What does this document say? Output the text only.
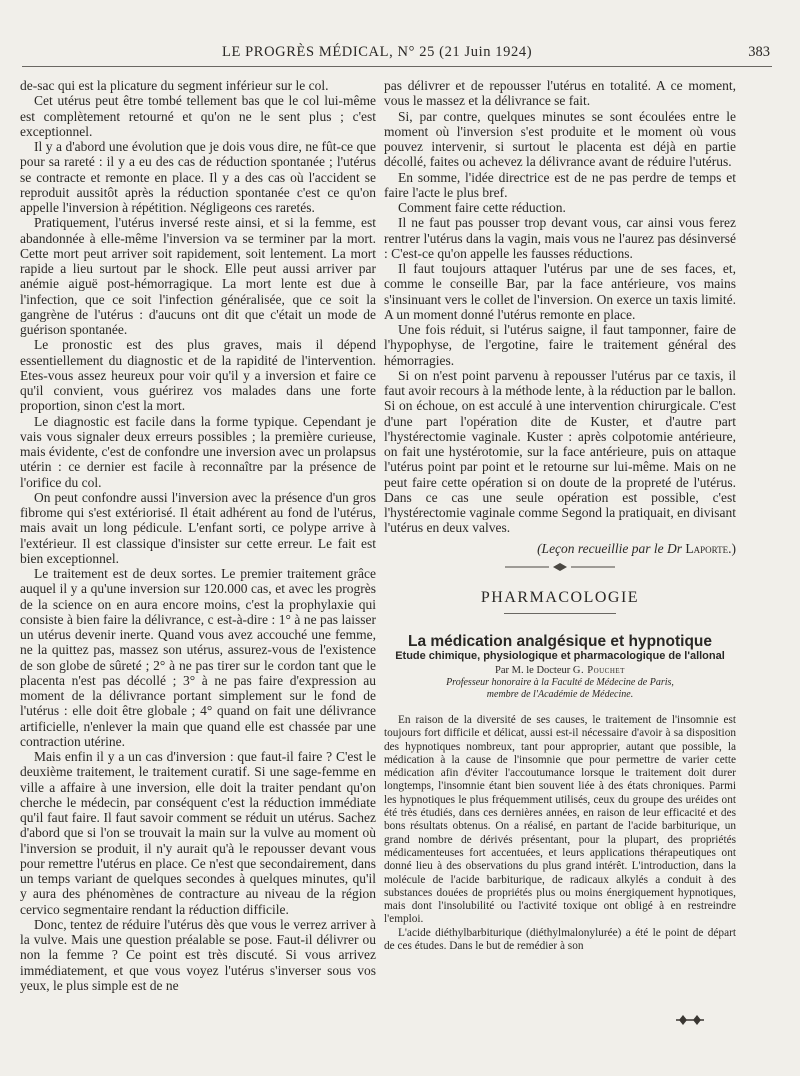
LE PROGRÈS MÉDICAL, N° 25 (21 Juin 1924)	383

de-sac qui est la plicature du segment inférieur sur le col.

Cet utérus peut être tombé tellement bas que le col lui-même est complètement retourné et qu'on ne le sent plus ; c'est exceptionnel.

Il y a d'abord une évolution que je dois vous dire, ne fût-ce que pour sa rareté : il y a eu des cas de réduction spontanée ; l'utérus se contracte et remonte en place. Il y a des cas où l'accident se reproduit aussitôt après la réduction spontanée c'est ce qu'on appelle l'inversion à répétition. Négligeons ces raretés.

Pratiquement, l'utérus inversé reste ainsi, et si la femme, est abandonnée à elle-même l'inversion va se terminer par la mort. Cette mort peut arriver soit rapidement, soit lentement. La mort rapide a lieu surtout par le shock. Elle peut aussi arriver par anémie aiguë post-hémorragique. La mort lente est due à l'infection, que ce soit l'infection généralisée, que ce soit la gangrène de l'utérus : d'aucuns ont dit que c'était un mode de guérison spontanée.

Le pronostic est des plus graves, mais il dépend essentiellement du diagnostic et de la rapidité de l'intervention. Etes-vous assez heureux pour voir qu'il y a inversion et faire ce qu'il convient, vous guérirez vos malades dans une forte proportion, sinon c'est la mort.

Le diagnostic est facile dans la forme typique. Cependant je vais vous signaler deux erreurs possibles ; la première curieuse, mais évidente, c'est de confondre une inversion avec un prolapsus utérin : ce dernier est facile à reconnaître par la présence de l'orifice du col.

On peut confondre aussi l'inversion avec la présence d'un gros fibrome qui s'est extériorisé. Il était adhérent au fond de l'utérus, mais avait un long pédicule. L'enfant sorti, ce polype arrive à l'extérieur. Il est classique d'insister sur cette erreur. Le fait est bien exceptionnel.

Le traitement est de deux sortes. Le premier traitement grâce auquel il y a qu'une inversion sur 120.000 cas, et avec les progrès de la science on en aura encore moins, c'est la prophylaxie qui consiste à bien faire la délivrance, c est-à-dire : 1° à ne pas laisser un utérus devenir inerte. Quand vous avez accouché une femme, ne la quittez pas, massez son utérus, assurez-vous de l'existence de son globe de sûreté ; 2° à ne pas tirer sur le cordon tant que le placenta n'est pas décollé ; 3° à ne pas faire d'expression au moment de la délivrance portant simplement sur le fond de l'utérus : elle doit être globale ; 4° quand on fait une délivrance artificielle, n'enlever la main que quand elle est chassée par une contraction utérine.

Mais enfin il y a un cas d'inversion : que faut-il faire ? C'est le deuxième traitement, le traitement curatif. Si une sage-femme en ville a affaire à une inversion, elle doit la traiter pendant qu'on cherche le médecin, par conséquent c'est la réduction immédiate qu'il faut faire. Il faut savoir comment se réduit un utérus. Sachez d'abord que si l'on se trouvait la main sur la vulve au moment où l'inversion se produit, il n'y aurait qu'à le repousser devant vous pour remettre l'utérus en place. Ce n'est que secondairement, dans un temps variant de quelques secondes à quelques minutes, qu'il y aura des phénomènes de contracture au niveau de la région cervico segmentaire rendant la réduction difficile.

Donc, tentez de réduire l'utérus dès que vous le verrez arriver à la vulve. Mais une question préalable se pose. Faut-il délivrer ou non la femme ? Ce point est très discuté. Si vous arrivez immédiatement, et que vous voyez l'utérus s'inverser sous vos yeux, le plus simple est de ne

pas délivrer et de repousser l'utérus en totalité. A ce moment, vous le massez et la délivrance se fait.

Si, par contre, quelques minutes se sont écoulées entre le moment où l'inversion s'est produite et le moment où vous pouvez intervenir, si surtout le placenta est déjà en partie décollé, faites ou achevez la délivrance avant de réduire l'utérus.

En somme, l'idée directrice est de ne pas perdre de temps et faire l'acte le plus bref.

Comment faire cette réduction.

Il ne faut pas pousser trop devant vous, car ainsi vous ferez rentrer l'utérus dans la vagin, mais vous ne l'aurez pas désinversé : C'est-ce qu'on appelle les fausses réductions.

Il faut toujours attaquer l'utérus par une de ses faces, et, comme le conseille Bar, par la face antérieure, vos mains s'insinuant vers le collet de l'inversion. On exerce un taxis limité. A un moment donné l'utérus remonte en place.

Une fois réduit, si l'utérus saigne, il faut tamponner, faire de l'hypophyse, de l'ergotine, faire le traitement général des hémorragies.

Si on n'est point parvenu à repousser l'utérus par ce taxis, il faut avoir recours à la méthode lente, à la réduction par le ballon. Si on échoue, on est acculé à une intervention chirurgicale. C'est d'une part l'opération dite de Kuster, et d'autre part l'hystérectomie vaginale. Kuster : après colpotomie antérieure, on fait une hystérotomie, sur la face antérieure, puis on attaque l'utérus point par point et le retourne sur lui-même. Mais on ne peut faire cette opération si on doute de la propreté de l'utérus. Dans ce cas une seule opération est possible, c'est l'hystérectomie vaginale comme Segond la pratiquait, en divisant l'utérus en deux valves.

(Leçon recueillie par le Dr Laporte.)

PHARMACOLOGIE

La médication analgésique et hypnotique

Etude chimique, physiologique et pharmacologique de l'allonal

Par M. le Docteur G. Pouchet

Professeur honoraire à la Faculté de Médecine de Paris,

membre de l'Académie de Médecine.

En raison de la diversité de ses causes, le traitement de l'insomnie est toujours fort difficile et délicat, aussi est-il nécessaire d'avoir à sa disposition des hypnotiques nombreux, tant pour approprier, autant que possible, la médication à la cause de l'insomnie que pour permettre de varier cette médication afin d'éviter l'accoutumance lorsque le traitement doit durer longtemps, l'insomnie étant bien souvent liée à des états chroniques. Parmi les hypnotiques le plus fréquemment utilisés, ceux du groupe des uréides ont été très étudiés, dans ces dernières années, en raison de leur efficacité et des bons résultats obtenus. On a réalisé, en partant de l'acide barbiturique, un grand nombre de dérivés présentant, pour la plupart, des propriétés médicamenteuses fort accentuées, et leurs applications thérapeutiques ont donné lieu à des observations du plus grand intérêt. L'introduction, dans la molécule de l'acide barbiturique, de radicaux alkylés a conduit à des substances douées de propriétés plus ou moins énergiquement hypnotiques, mais dont l'insolubilité ou l'activité toxique ont obligé à en restreindre l'emploi.

L'acide diéthylbarbiturique (diéthylmalonylurée) a été le point de départ de ces études. Dans le but de remédier à son
